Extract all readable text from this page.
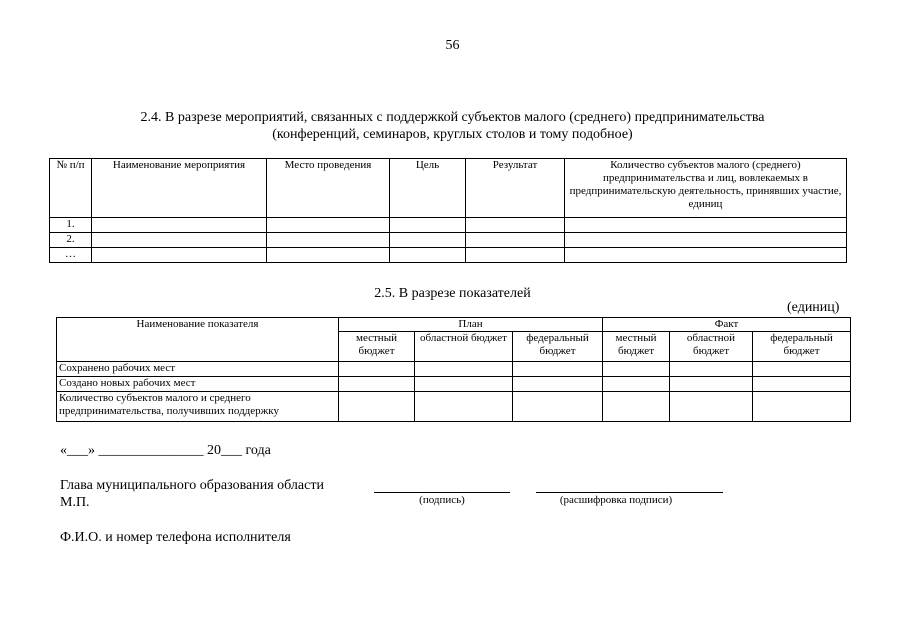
56
2.4. В разрезе мероприятий, связанных с поддержкой субъектов малого (среднего) предпринимательства
(конференций, семинаров, круглых столов и тому подобное)
№ п/п	Наименование мероприятия	Место проведения	Цель	Результат	Количество субъектов малого (среднего) предпринимательства и лиц, вовлекаемых в предпринимательскую деятельность, принявших участие, единиц
1.					
2.					
…					
2.5. В разрезе показателей
(единиц)
Наименование показателя	План			Факт		
	местный бюджет	областной бюджет	федеральный бюджет	местный бюджет	областной бюджет	федеральный бюджет
Сохранено рабочих мест						
Создано новых рабочих мест						
Количество субъектов малого и среднего предпринимательства, получивших поддержку						
«___» _______________ 20___ года
Глава муниципального образования области
М.П.	(подпись)	(расшифровка подписи)
Ф.И.О. и номер телефона исполнителя
